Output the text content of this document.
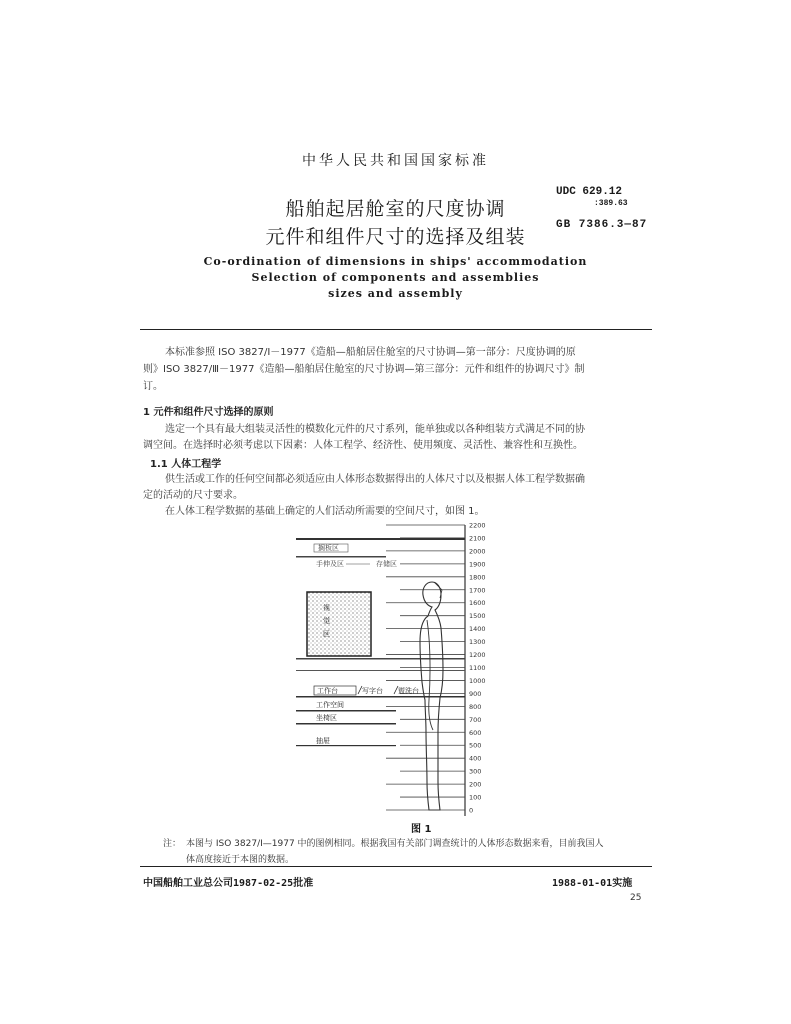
中华人民共和国国家标准
船舶起居舱室的尺度协调
元件和组件尺寸的选择及组装
Co-ordination of dimensions in ships' accommodation
Selection of components and assemblies
sizes and assembly
UDC 629.12
:389.63
GB 7386.3—87
本标准参照 ISO 3827/Ⅰ－1977《造船—船舶居住舱室的尺寸协调—第一部分：尺度协调的原
则》ISO 3827/Ⅲ－1977《造船—船舶居住舱室的尺寸协调—第三部分：元件和组件的协调尺寸》制
订。
1 元件和组件尺寸选择的原则
选定一个具有最大组装灵活性的模数化元件的尺寸系列，能单独或以各种组装方式满足不同的协
调空间。在选择时必须考虑以下因素：人体工程学、经济性、使用频度、灵活性、兼容性和互换性。
1.1 人体工程学
供生活或工作的任何空间都必须适应由人体形态数据得出的人体尺寸以及根据人体工程学数据确
定的活动的尺寸要求。
在人体工程学数据的基础上确定的人们活动所需要的空间尺寸，如图 1。
2200
2100
2000
1900
1800
1700
1600
1500
1400
1300
1200
1100
1000
900
800
700
600
500
400
300
200
100
0
搁板区
手伸及区	存储区
视
觉
区
工作台	写字台 盥洗台
工作空间
坐椅区
抽屉
图 1
注： 本图与 ISO 3827/Ⅰ—1977 中的图例相同。根据我国有关部门调查统计的人体形态数据来看，目前我国人
体高度接近于本图的数据。
中国船舶工业总公司1987-02-25批准	1988-01-01实施
25
